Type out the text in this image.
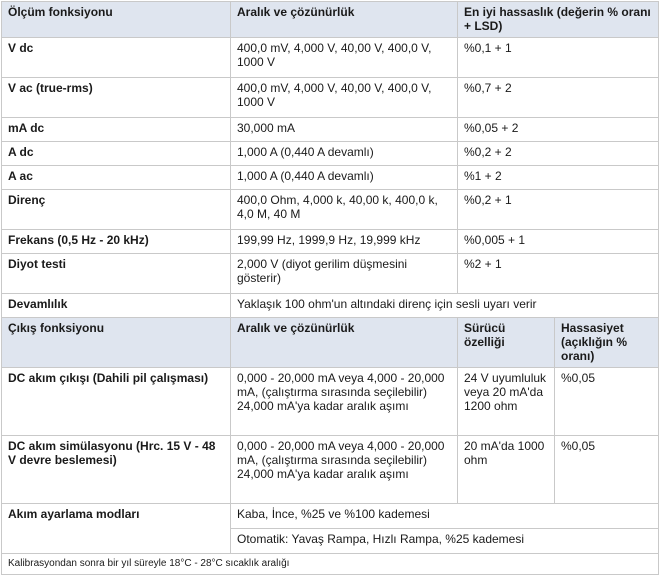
Ölçüm fonksiyonu	Aralık ve çözünürlük	En iyi hassaslık (değerin % oranı + LSD)	
V dc	400,0 mV, 4,000 V, 40,00 V, 400,0 V, 1000 V	%0,1 + 1	
V ac (true-rms)	400,0 mV, 4,000 V, 40,00 V, 400,0 V, 1000 V	%0,7 + 2	
mA dc	30,000 mA	%0,05 + 2	
A dc	1,000 A (0,440 A devamlı)	%0,2 + 2	
A ac	1,000 A (0,440 A devamlı)	%1 + 2	
Direnç	400,0 Ohm, 4,000 k, 40,00 k, 400,0 k, 4,0 M, 40 M	%0,2 + 1	
Frekans (0,5 Hz - 20 kHz)	199,99 Hz, 1999,9 Hz, 19,999 kHz	%0,005 + 1	
Diyot testi	2,000 V (diyot gerilim düşmesini gösterir)	%2 + 1	
Devamlılık	Yaklaşık 100 ohm'un altındaki direnç için sesli uyarı verir		
Çıkış fonksiyonu	Aralık ve çözünürlük	Sürücü özelliği	Hassasiyet (açıklığın % oranı)
DC akım çıkışı (Dahili pil çalışması)	0,000 - 20,000 mA veya 4,000 - 20,000 mA, (çalıştırma sırasında seçilebilir) 24,000 mA'ya kadar aralık aşımı	24 V uyumluluk veya 20 mA'da 1200 ohm	%0,05
DC akım simülasyonu (Hrc. 15 V - 48 V devre beslemesi)	0,000 - 20,000 mA veya 4,000 - 20,000 mA, (çalıştırma sırasında seçilebilir) 24,000 mA'ya kadar aralık aşımı	20 mA'da 1000 ohm	%0,05
Akım ayarlama modları	Kaba, İnce, %25 ve %100 kademesi		
	Otomatik: Yavaş Rampa, Hızlı Rampa, %25 kademesi		
Kalibrasyondan sonra bir yıl süreyle 18°C - 28°C sıcaklık aralığı			
